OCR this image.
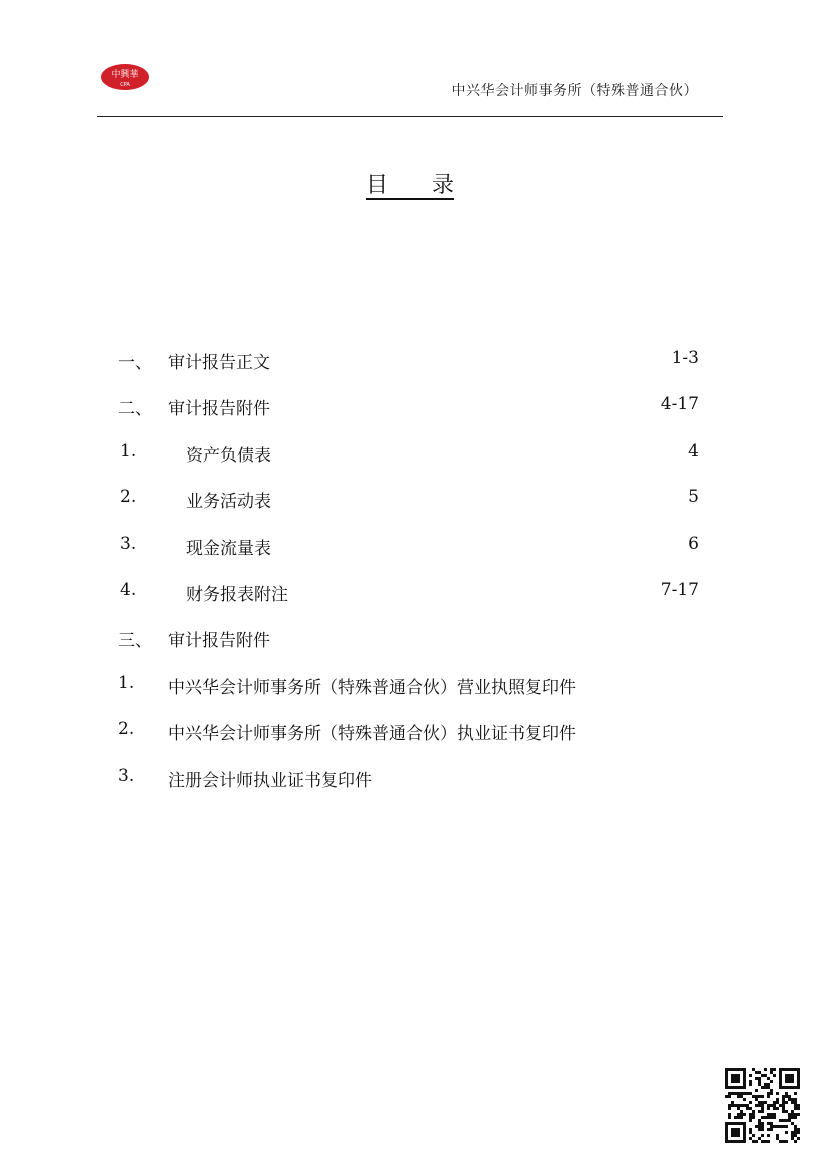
中興華
CPA	中兴华会计师事务所（特殊普通合伙）
目　　录
一、 审计报告正文	1-3
二、 审计报告附件	4-17
1.	资产负债表	4
2.	业务活动表	5
3.	现金流量表	6
4.	财务报表附注	7-17
三、 审计报告附件
1. 中兴华会计师事务所（特殊普通合伙）营业执照复印件
2. 中兴华会计师事务所（特殊普通合伙）执业证书复印件
3. 注册会计师执业证书复印件
